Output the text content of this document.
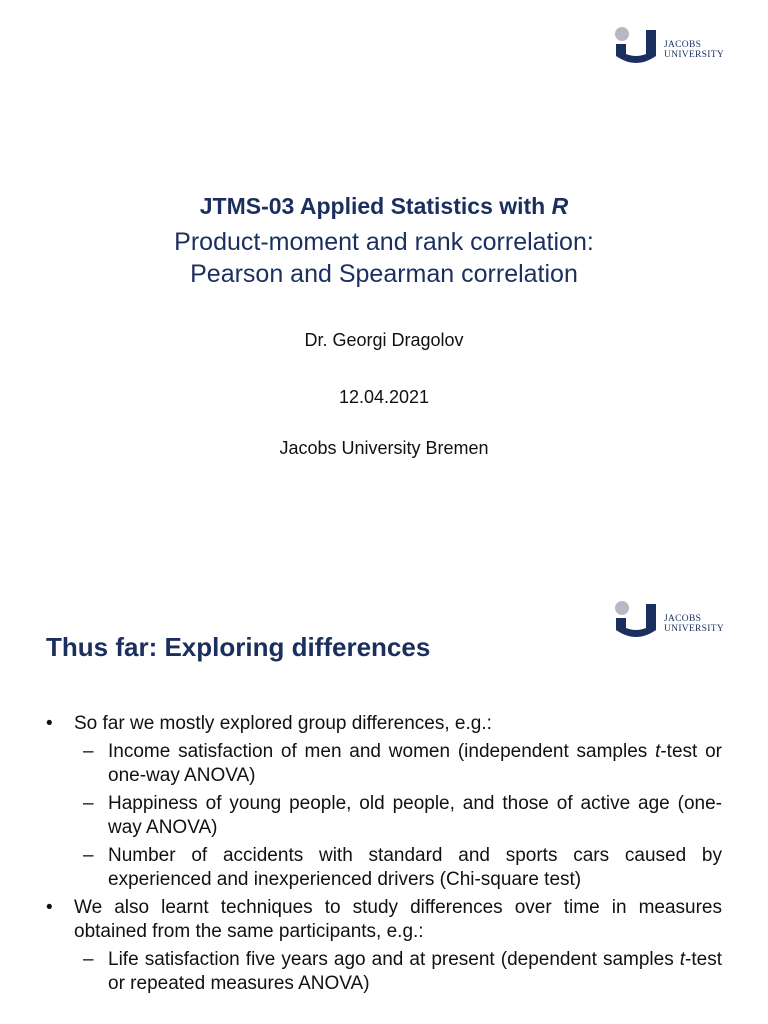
JACOBS
UNIVERSITY
JTMS-03 Applied Statistics with R
Product-moment and rank correlation:
Pearson and Spearman correlation
Dr. Georgi Dragolov
12.04.2021
Jacobs University Bremen
JACOBS
UNIVERSITY
Thus far: Exploring differences
• So far we mostly explored group differences, e.g.:
– Income satisfaction of men and women (independent samples t-test or one-way ANOVA)
– Happiness of young people, old people, and those of active age (one-way ANOVA)
– Number of accidents with standard and sports cars caused by experienced and inexperienced drivers (Chi-square test)
• We also learnt techniques to study differences over time in measures obtained from the same participants, e.g.:
– Life satisfaction five years ago and at present (dependent samples t-test or repeated measures ANOVA)
